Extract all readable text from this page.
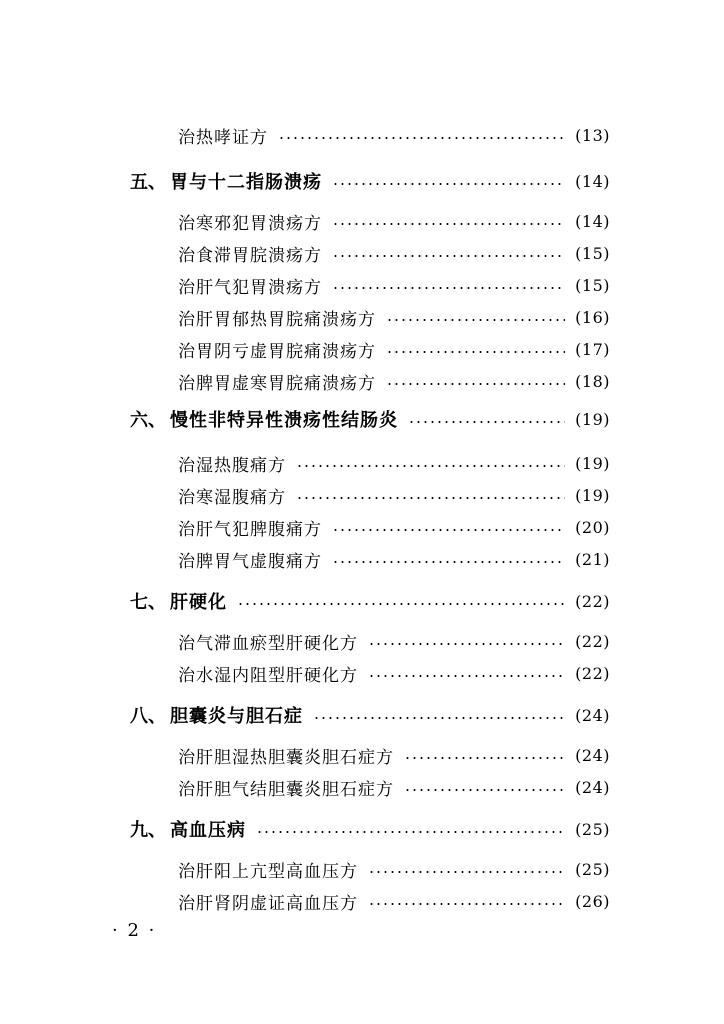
治热哮证方	(13)
五、 胃与十二指肠溃疡	(14)
治寒邪犯胃溃疡方	(14)
治食滞胃脘溃疡方	(15)
治肝气犯胃溃疡方	(15)
治肝胃郁热胃脘痛溃疡方	(16)
治胃阴亏虚胃脘痛溃疡方	(17)
治脾胃虚寒胃脘痛溃疡方	(18)
六、 慢性非特异性溃疡性结肠炎	(19)
治湿热腹痛方	(19)
治寒湿腹痛方	(19)
治肝气犯脾腹痛方	(20)
治脾胃气虚腹痛方	(21)
七、 肝硬化	(22)
治气滞血瘀型肝硬化方	(22)
治水湿内阻型肝硬化方	(22)
八、 胆囊炎与胆石症	(24)
治肝胆湿热胆囊炎胆石症方	(24)
治肝胆气结胆囊炎胆石症方	(24)
九、 高血压病	(25)
治肝阳上亢型高血压方	(25)
治肝肾阴虚证高血压方	(26)
· 2 ·
